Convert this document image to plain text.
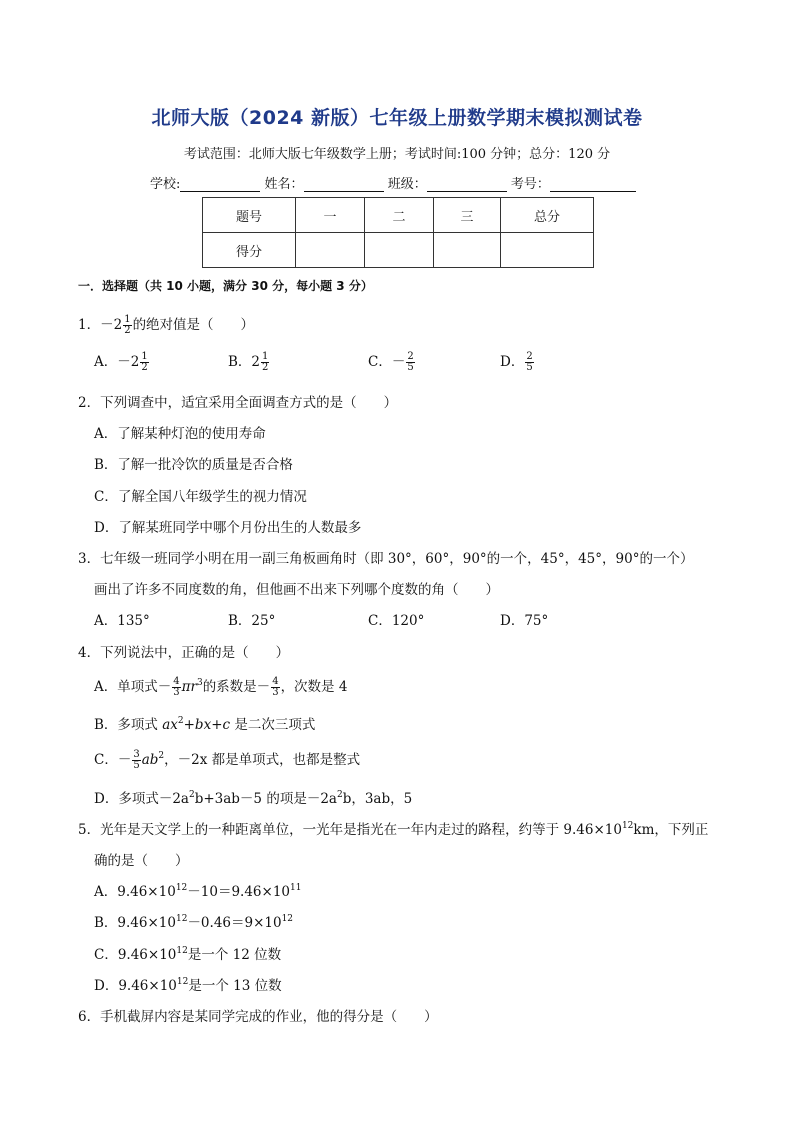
北师大版（2024 新版）七年级上册数学期末模拟测试卷
考试范围：北师大版七年级数学上册；考试时间:100 分钟；总分：120 分
学校:	姓名：	班级：	考号：
题号	一	二	三	总分
得分				
一．选择题（共 10 小题，满分 30 分，每小题 3 分）
1．$-2 \frac{1}{2}$ 的绝对值是（　　）
A．$-2 \frac{1}{2}$	B．$2 \frac{1}{2}$	C．－ $\frac{2}{5}$	D． $\frac{2}{5}$
2．下列调查中，适宜采用全面调查方式的是（　　）
A．了解某种灯泡的使用寿命
B．了解一批冷饮的质量是否合格
C．了解全国八年级学生的视力情况
D．了解某班同学中哪个月份出生的人数最多
3．七年级一班同学小明在用一副三角板画角时（即 30°，60°，90°的一个，45°，45°，90°的一个）
画出了许多不同度数的角，但他画不出来下列哪个度数的角（　　）
A．135°	B．25°	C．120°	D．75°
4．下列说法中，正确的是（　　）
A．单项式－ $\frac{4}{3} \pi r^3$的系数是－ $\frac{4}{3}$ ，次数是 4
B．多项式 $ax^2+bx+c$ 是二次三项式
C．－ $\frac{3}{5} ab^2$，－2x 都是单项式，也都是整式
D．多项式$-2a^2b+3ab-5$ 的项是$-2a^2b$，3ab，5
5．光年是天文学上的一种距离单位，一光年是指光在一年内走过的路程，约等于 $9.46\times 10^{12}km$，下列正
确的是（　　）
A．$9.46\times 10^{12}-10=9.46\times 10^{11}$
B．$9.46\times 10^{12}-0.46=9\times 10^{12}$
C．$9.46\times 10^{12}$是一个 12 位数
D．$9.46\times 10^{12}$是一个 13 位数
6．手机截屏内容是某同学完成的作业，他的得分是（　　）
